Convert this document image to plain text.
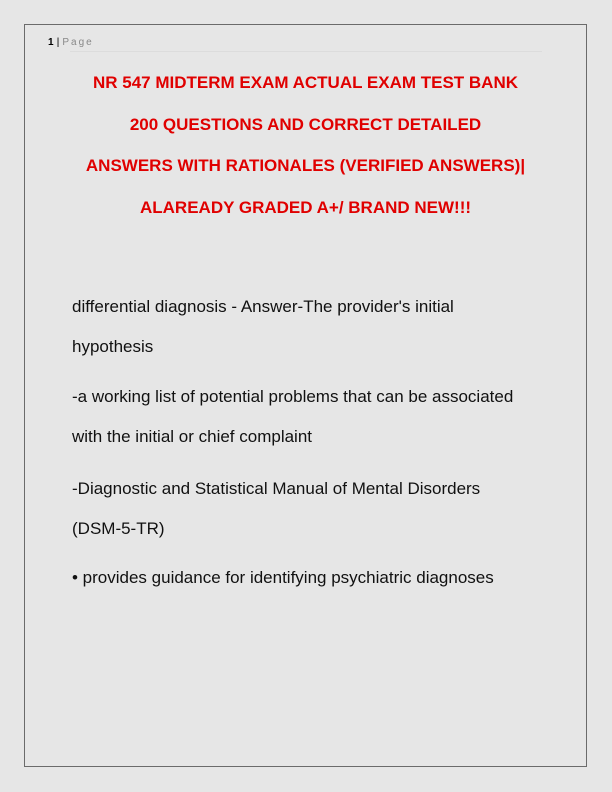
1 | Page
NR 547 MIDTERM EXAM ACTUAL EXAM TEST BANK
200 QUESTIONS AND CORRECT DETAILED
ANSWERS WITH RATIONALES (VERIFIED ANSWERS)|
ALAREADY GRADED A+/ BRAND NEW!!!
differential diagnosis - Answer-The provider's initial
hypothesis
-a working list of potential problems that can be associated
with the initial or chief complaint
-Diagnostic and Statistical Manual of Mental Disorders
(DSM-5-TR)
• provides guidance for identifying psychiatric diagnoses
